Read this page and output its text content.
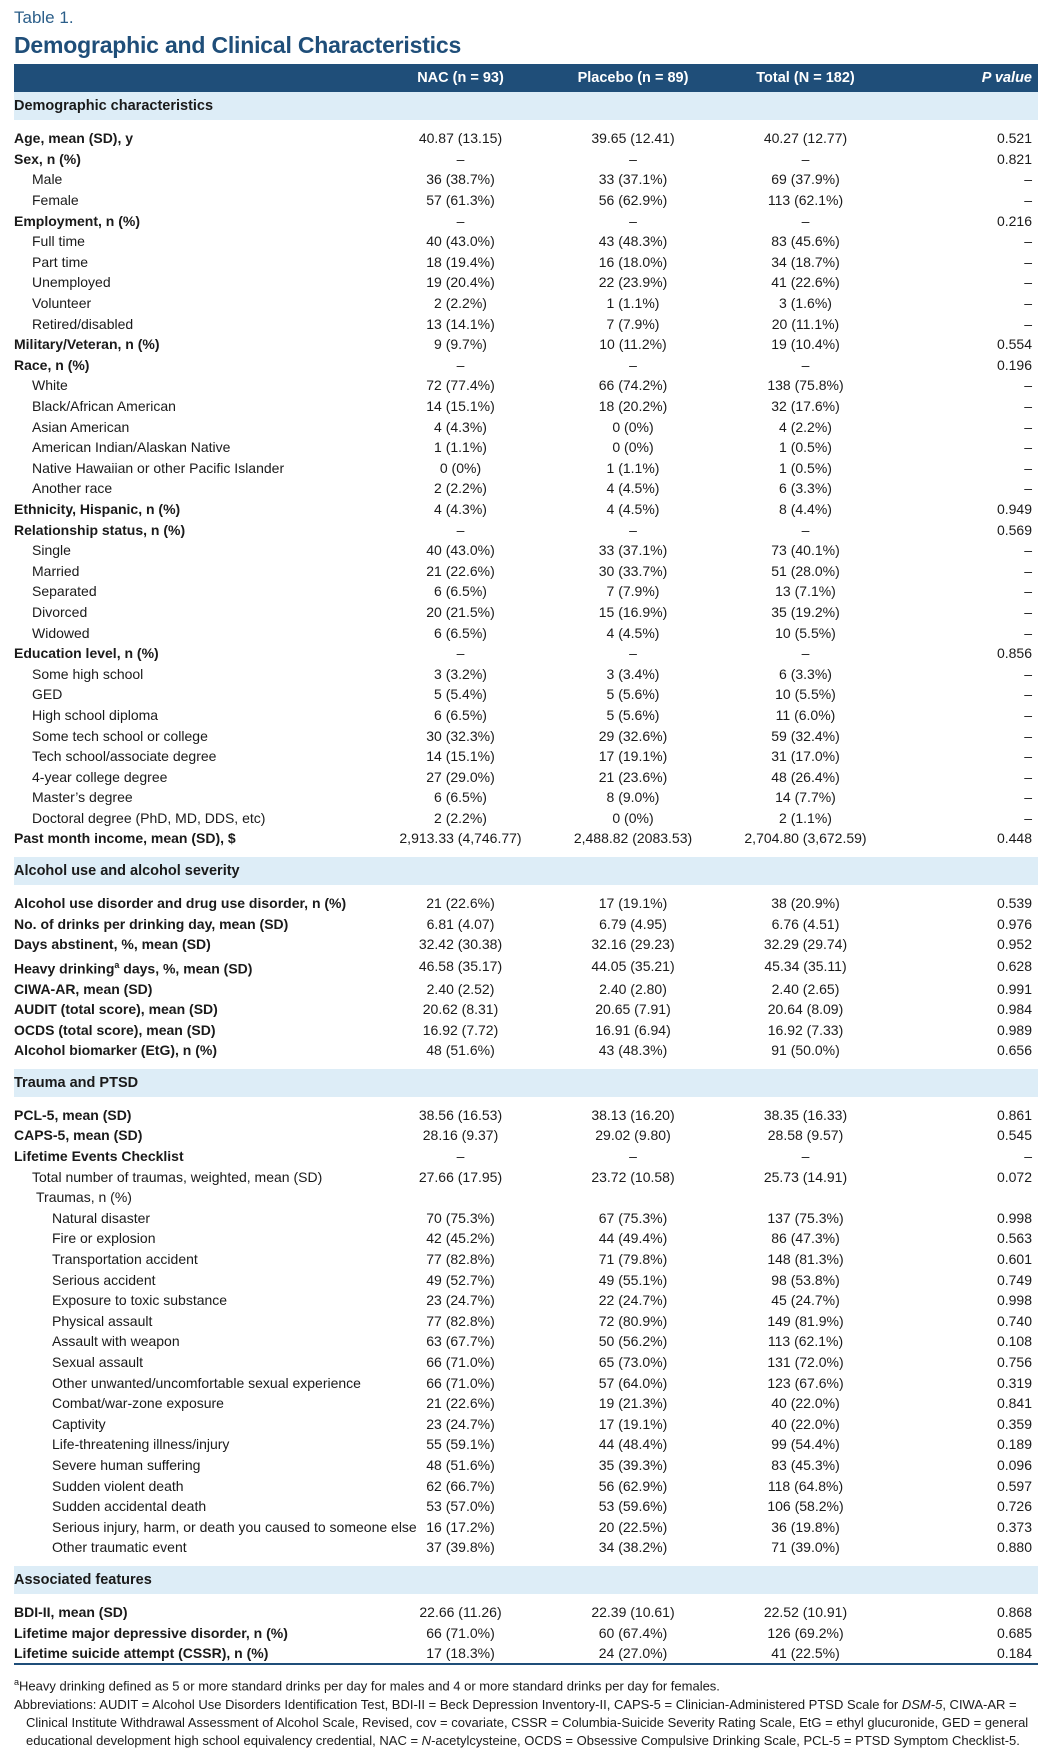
Table 1.
Demographic and Clinical Characteristics
	NAC (n = 93)	Placebo (n = 89)	Total (N = 182)	P value
Demographic characteristics				

Age, mean (SD), y	40.87 (13.15)	39.65 (12.41)	40.27 (12.77)	0.521
Sex, n (%)	–	–	–	0.821
Male	36 (38.7%)	33 (37.1%)	69 (37.9%)	–
Female	57 (61.3%)	56 (62.9%)	113 (62.1%)	–
Employment, n (%)	–	–	–	0.216
Full time	40 (43.0%)	43 (48.3%)	83 (45.6%)	–
Part time	18 (19.4%)	16 (18.0%)	34 (18.7%)	–
Unemployed	19 (20.4%)	22 (23.9%)	41 (22.6%)	–
Volunteer	2 (2.2%)	1 (1.1%)	3 (1.6%)	–
Retired/disabled	13 (14.1%)	7 (7.9%)	20 (11.1%)	–
Military/Veteran, n (%)	9 (9.7%)	10 (11.2%)	19 (10.4%)	0.554
Race, n (%)	–	–	–	0.196
White	72 (77.4%)	66 (74.2%)	138 (75.8%)	–
Black/African American	14 (15.1%)	18 (20.2%)	32 (17.6%)	–
Asian American	4 (4.3%)	0 (0%)	4 (2.2%)	–
American Indian/Alaskan Native	1 (1.1%)	0 (0%)	1 (0.5%)	–
Native Hawaiian or other Pacific Islander	0 (0%)	1 (1.1%)	1 (0.5%)	–
Another race	2 (2.2%)	4 (4.5%)	6 (3.3%)	–
Ethnicity, Hispanic, n (%)	4 (4.3%)	4 (4.5%)	8 (4.4%)	0.949
Relationship status, n (%)	–	–	–	0.569
Single	40 (43.0%)	33 (37.1%)	73 (40.1%)	–
Married	21 (22.6%)	30 (33.7%)	51 (28.0%)	–
Separated	6 (6.5%)	7 (7.9%)	13 (7.1%)	–
Divorced	20 (21.5%)	15 (16.9%)	35 (19.2%)	–
Widowed	6 (6.5%)	4 (4.5%)	10 (5.5%)	–
Education level, n (%)	–	–	–	0.856
Some high school	3 (3.2%)	3 (3.4%)	6 (3.3%)	–
GED	5 (5.4%)	5 (5.6%)	10 (5.5%)	–
High school diploma	6 (6.5%)	5 (5.6%)	11 (6.0%)	–
Some tech school or college	30 (32.3%)	29 (32.6%)	59 (32.4%)	–
Tech school/associate degree	14 (15.1%)	17 (19.1%)	31 (17.0%)	–
4-year college degree	27 (29.0%)	21 (23.6%)	48 (26.4%)	–
Master’s degree	6 (6.5%)	8 (9.0%)	14 (7.7%)	–
Doctoral degree (PhD, MD, DDS, etc)	2 (2.2%)	0 (0%)	2 (1.1%)	–
Past month income, mean (SD), $	2,913.33 (4,746.77)	2,488.82 (2083.53)	2,704.80 (3,672.59)	0.448

Alcohol use and alcohol severity				

Alcohol use disorder and drug use disorder, n (%)	21 (22.6%)	17 (19.1%)	38 (20.9%)	0.539
No. of drinks per drinking day, mean (SD)	6.81 (4.07)	6.79 (4.95)	6.76 (4.51)	0.976
Days abstinent, %, mean (SD)	32.42 (30.38)	32.16 (29.23)	32.29 (29.74)	0.952
Heavy drinking$^a$ days, %, mean (SD)	46.58 (35.17)	44.05 (35.21)	45.34 (35.11)	0.628
CIWA-AR, mean (SD)	2.40 (2.52)	2.40 (2.80)	2.40 (2.65)	0.991
AUDIT (total score), mean (SD)	20.62 (8.31)	20.65 (7.91)	20.64 (8.09)	0.984
OCDS (total score), mean (SD)	16.92 (7.72)	16.91 (6.94)	16.92 (7.33)	0.989
Alcohol biomarker (EtG), n (%)	48 (51.6%)	43 (48.3%)	91 (50.0%)	0.656

Trauma and PTSD				

PCL-5, mean (SD)	38.56 (16.53)	38.13 (16.20)	38.35 (16.33)	0.861
CAPS-5, mean (SD)	28.16 (9.37)	29.02 (9.80)	28.58 (9.57)	0.545
Lifetime Events Checklist	–	–	–	–
Total number of traumas, weighted, mean (SD)	27.66 (17.95)	23.72 (10.58)	25.73 (14.91)	0.072
Traumas, n (%)				
Natural disaster	70 (75.3%)	67 (75.3%)	137 (75.3%)	0.998
Fire or explosion	42 (45.2%)	44 (49.4%)	86 (47.3%)	0.563
Transportation accident	77 (82.8%)	71 (79.8%)	148 (81.3%)	0.601
Serious accident	49 (52.7%)	49 (55.1%)	98 (53.8%)	0.749
Exposure to toxic substance	23 (24.7%)	22 (24.7%)	45 (24.7%)	0.998
Physical assault	77 (82.8%)	72 (80.9%)	149 (81.9%)	0.740
Assault with weapon	63 (67.7%)	50 (56.2%)	113 (62.1%)	0.108
Sexual assault	66 (71.0%)	65 (73.0%)	131 (72.0%)	0.756
Other unwanted/uncomfortable sexual experience	66 (71.0%)	57 (64.0%)	123 (67.6%)	0.319
Combat/war-zone exposure	21 (22.6%)	19 (21.3%)	40 (22.0%)	0.841
Captivity	23 (24.7%)	17 (19.1%)	40 (22.0%)	0.359
Life-threatening illness/injury	55 (59.1%)	44 (48.4%)	99 (54.4%)	0.189
Severe human suffering	48 (51.6%)	35 (39.3%)	83 (45.3%)	0.096
Sudden violent death	62 (66.7%)	56 (62.9%)	118 (64.8%)	0.597
Sudden accidental death	53 (57.0%)	53 (59.6%)	106 (58.2%)	0.726
Serious injury, harm, or death you caused to someone else	16 (17.2%)	20 (22.5%)	36 (19.8%)	0.373
Other traumatic event	37 (39.8%)	34 (38.2%)	71 (39.0%)	0.880

Associated features				

BDI-II, mean (SD)	22.66 (11.26)	22.39 (10.61)	22.52 (10.91)	0.868
Lifetime major depressive disorder, n (%)	66 (71.0%)	60 (67.4%)	126 (69.2%)	0.685
Lifetime suicide attempt (CSSR), n (%)	17 (18.3%)	24 (27.0%)	41 (22.5%)	0.184

$^a$Heavy drinking defined as 5 or more standard drinks per day for males and 4 or more standard drinks per day for females.

Abbreviations: AUDIT = Alcohol Use Disorders Identification Test, BDI-II = Beck Depression Inventory-II, CAPS-5 = Clinician-Administered PTSD Scale for DSM-5, CIWA-AR = Clinical Institute Withdrawal Assessment of Alcohol Scale, Revised, cov = covariate, CSSR = Columbia-Suicide Severity Rating Scale, EtG = ethyl glucuronide, GED = general educational development high school equivalency credential, NAC = N-acetylcysteine, OCDS = Obsessive Compulsive Drinking Scale, PCL-5 = PTSD Symptom Checklist-5.
